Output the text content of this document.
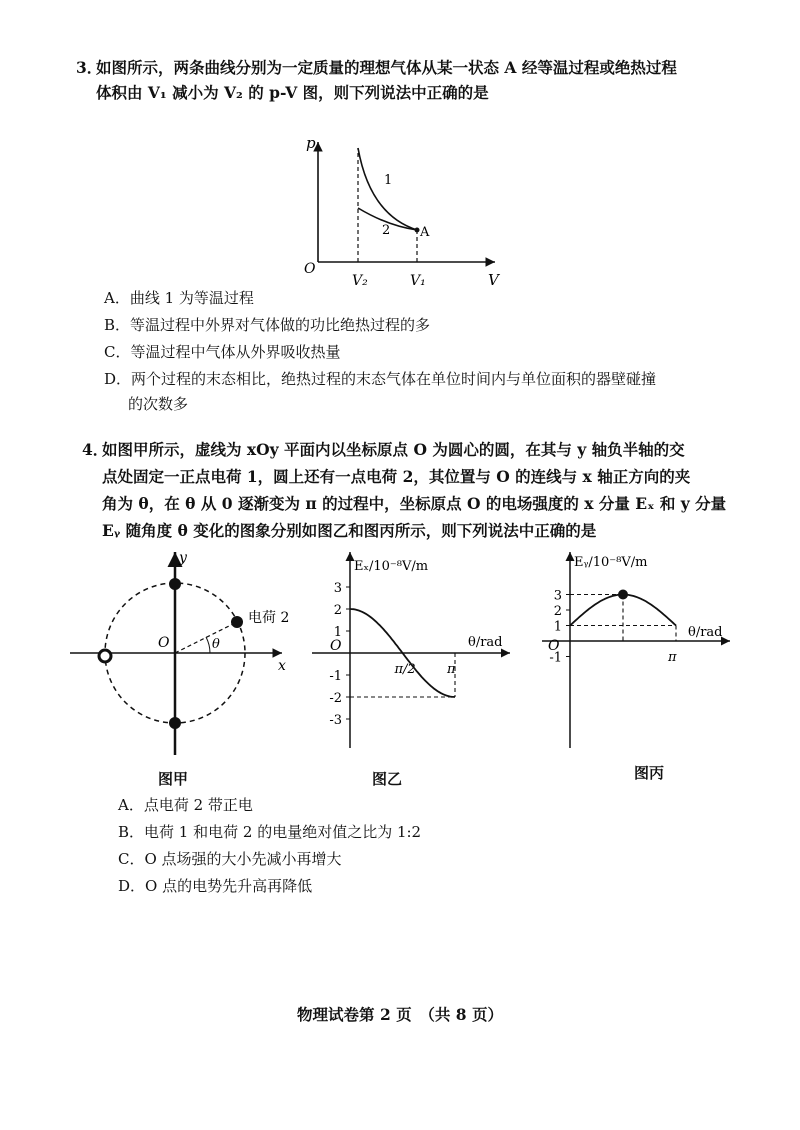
3．
如图所示，两条曲线分别为一定质量的理想气体从某一状态 A 经等温过程或绝热过程
体积由 V₁ 减小为 V₂ 的 p-V 图，则下列说法中正确的是
p
V
O
1
2 A
V₂	V₁
A．曲线 1 为等温过程
B．等温过程中外界对气体做的功比绝热过程的多
C．等温过程中气体从外界吸收热量
D．两个过程的末态相比，绝热过程的末态气体在单位时间内与单位面积的器壁碰撞
的次数多
4．
如图甲所示，虚线为 xOy 平面内以坐标原点 O 为圆心的圆，在其与 y 轴负半轴的交
点处固定一正点电荷 1，圆上还有一点电荷 2，其位置与 O 的连线与 x 轴正方向的夹
角为 θ，在 θ 从 0 逐渐变为 π 的过程中，坐标原点 O 的电场强度的 x 分量 Eₓ 和 y 分量
Eᵧ 随角度 θ 变化的图象分别如图乙和图丙所示，则下列说法中正确的是
y
x
O	θ
电荷 2
图甲
Eₓ/10⁻⁸V/m
θ/rad
O
3
2
1
-1
-2
-3
π/2 π
图乙
Eᵧ/10⁻⁸V/m
θ/rad
O
3
2
1
-1	π
图丙
A．点电荷 2 带正电
B．电荷 1 和电荷 2 的电量绝对值之比为 1:2
C．O 点场强的大小先减小再增大
D．O 点的电势先升高再降低
物理试卷第 2 页　（共 8 页）
